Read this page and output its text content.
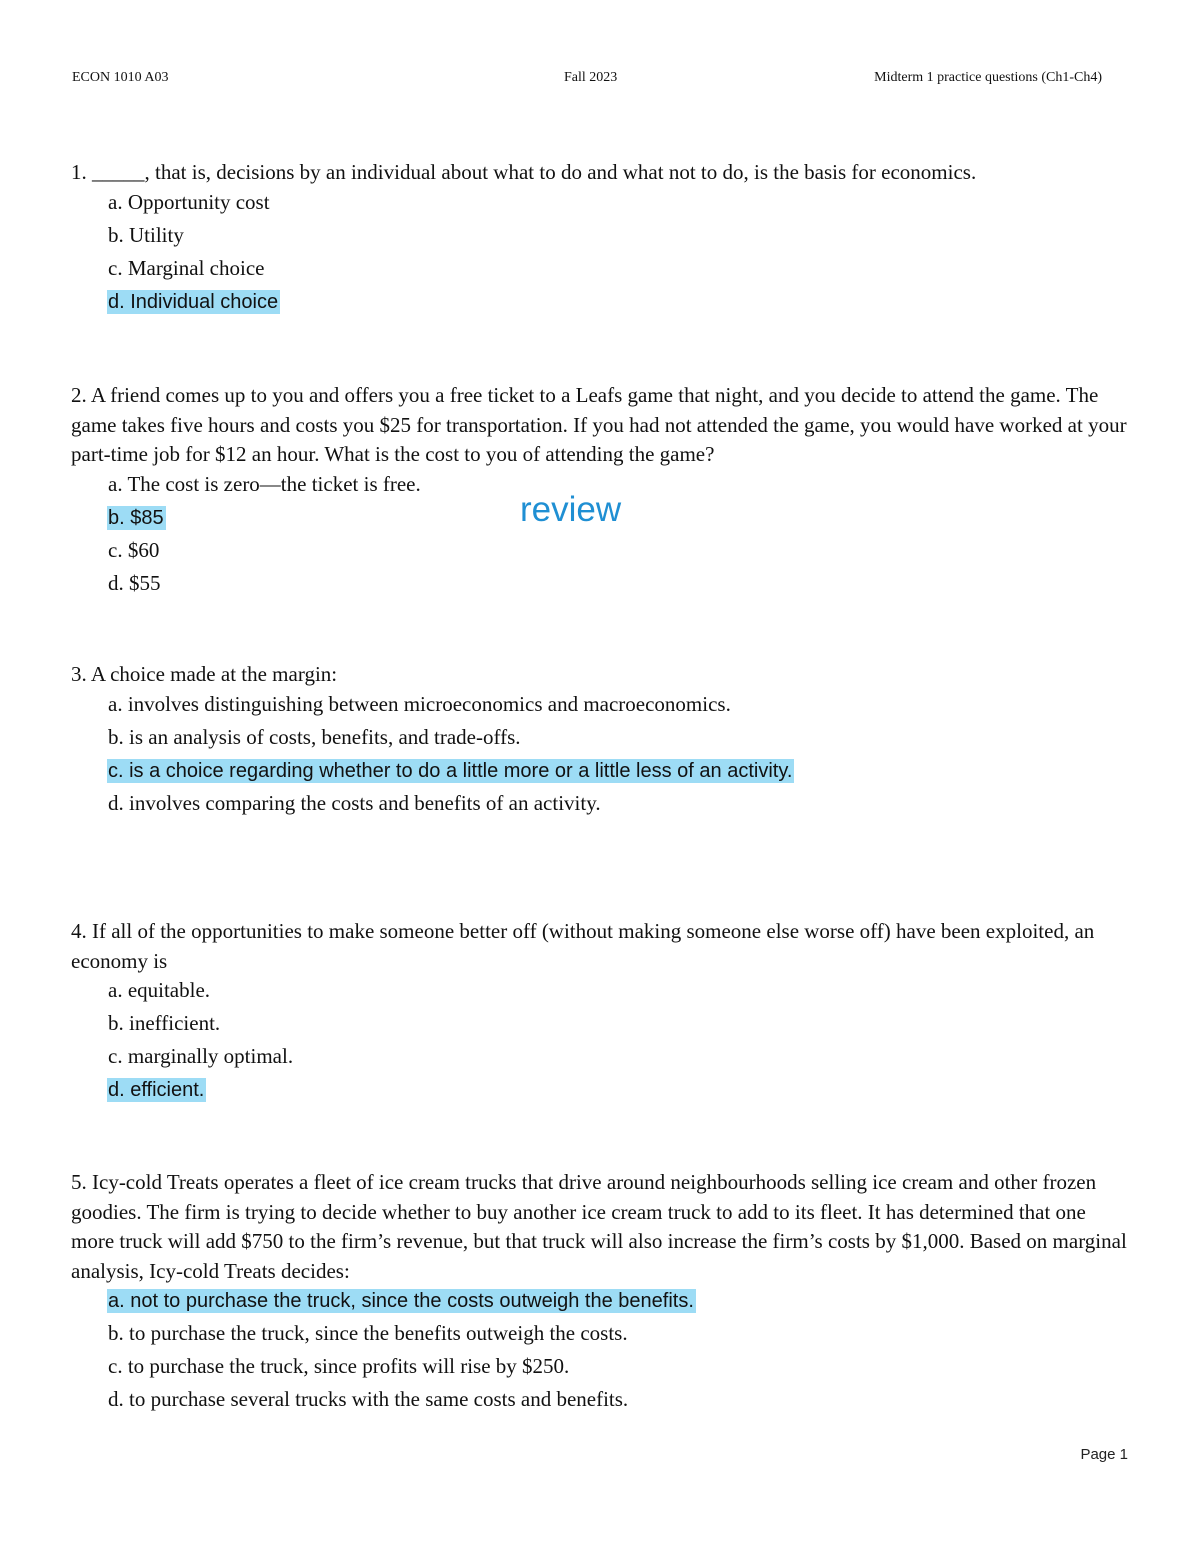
ECON 1010 A03	Fall 2023	Midterm 1 practice questions (Ch1-Ch4)

1. _____, that is, decisions by an individual about what to do and what not to do, is the basis for economics.

a. Opportunity cost
b. Utility
c. Marginal choice
d. Individual choice

2. A friend comes up to you and offers you a free ticket to a Leafs game that night, and you decide to attend the game. The game takes five hours and costs you $25 for transportation. If you had not attended the game, you would have worked at your part-time job for $12 an hour. What is the cost to you of attending the game?

a. The cost is zero—the ticket is free.
b. $85
c. $60
d. $55
review

3. A choice made at the margin:

a. involves distinguishing between microeconomics and macroeconomics.
b. is an analysis of costs, benefits, and trade-offs.
c. is a choice regarding whether to do a little more or a little less of an activity.
d. involves comparing the costs and benefits of an activity.

4. If all of the opportunities to make someone better off (without making someone else worse off) have been exploited, an economy is

a. equitable.
b. inefficient.
c. marginally optimal.
d. efficient.

5. Icy-cold Treats operates a fleet of ice cream trucks that drive around neighbourhoods selling ice cream and other frozen goodies. The firm is trying to decide whether to buy another ice cream truck to add to its fleet. It has determined that one more truck will add $750 to the firm’s revenue, but that truck will also increase the firm’s costs by $1,000. Based on marginal analysis, Icy-cold Treats decides:

a. not to purchase the truck, since the costs outweigh the benefits.
b. to purchase the truck, since the benefits outweigh the costs.
c. to purchase the truck, since profits will rise by $250.
d. to purchase several trucks with the same costs and benefits.
Page 1
